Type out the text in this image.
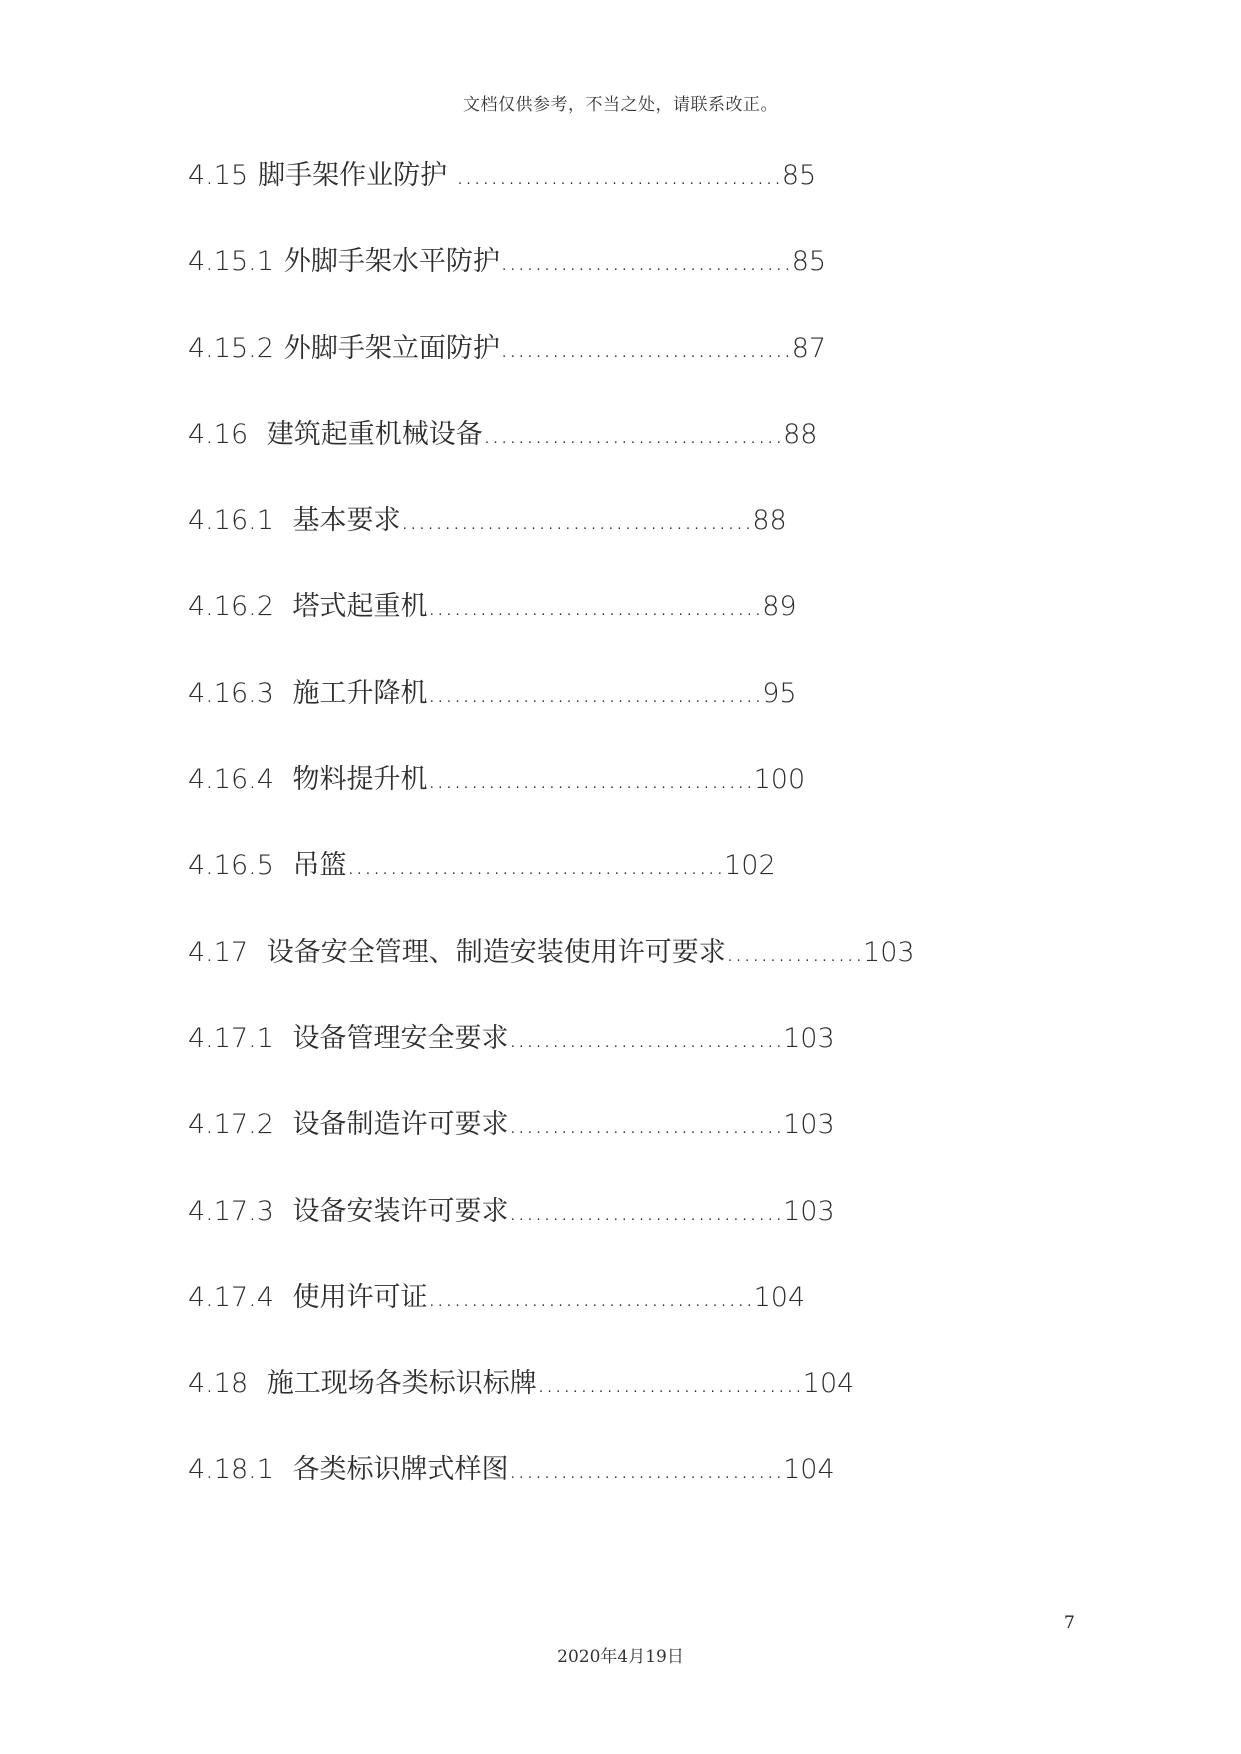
文档仅供参考，不当之处，请联系改正。
4.15 脚手架作业防护 ......................................85
4.15.1 外脚手架水平防护..................................85
4.15.2 外脚手架立面防护..................................87
4.16 建筑起重机械设备...................................88
4.16.1 基本要求.........................................88
4.16.2 塔式起重机.......................................89
4.16.3 施工升降机.......................................95
4.16.4 物料提升机......................................100
4.16.5 吊篮............................................102
4.17 设备安全管理、制造安装使用许可要求................103
4.17.1 设备管理安全要求................................103
4.17.2 设备制造许可要求................................103
4.17.3 设备安装许可要求................................103
4.17.4 使用许可证......................................104
4.18 施工现场各类标识标牌...............................104
4.18.1 各类标识牌式样图................................104
7
2020年4月19日
